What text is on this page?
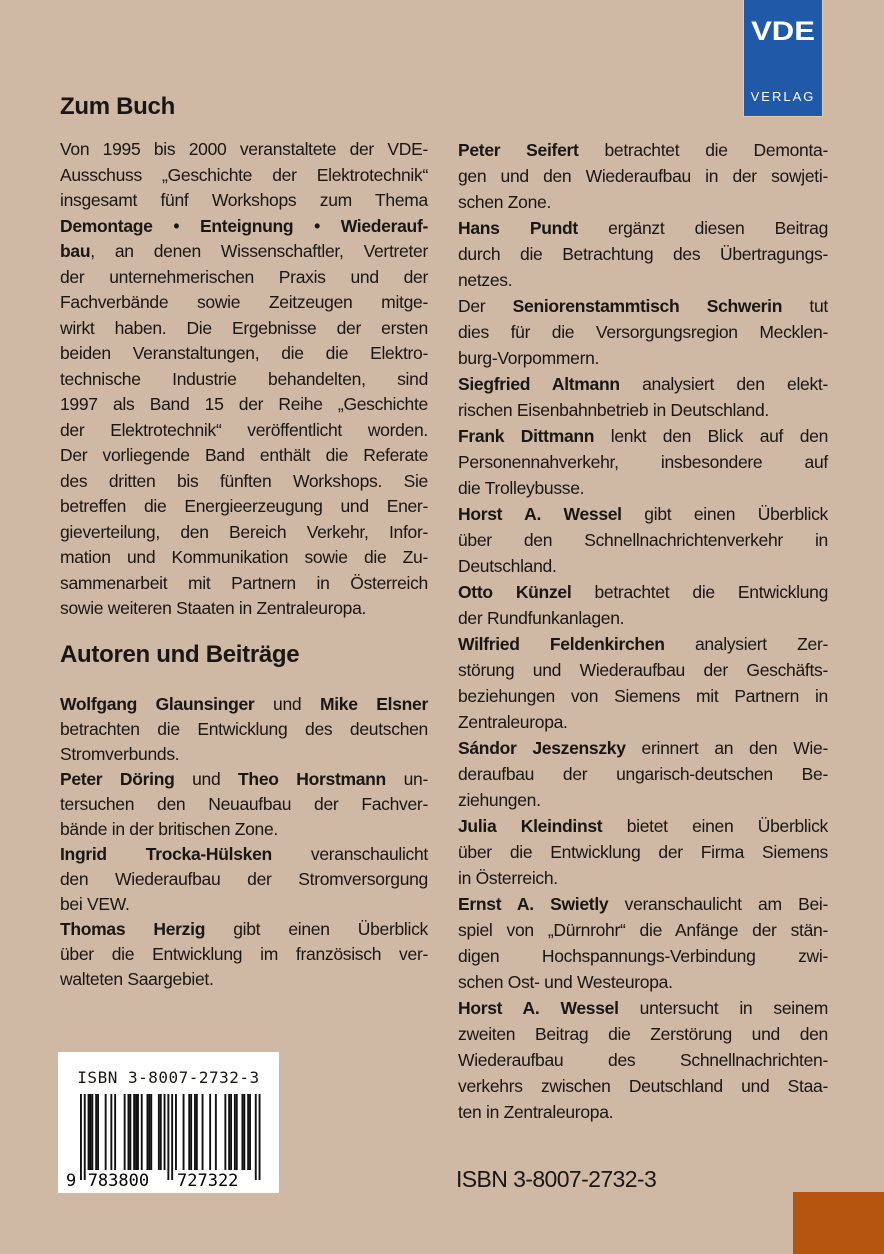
VDE
VERLAG
Zum Buch
Von 1995 bis 2000 veranstaltete der VDE-
Ausschuss „Geschichte der Elektrotechnik“
insgesamt fünf Workshops zum Thema
Demontage • Enteignung • Wiederauf-
bau, an denen Wissenschaftler, Vertreter
der unternehmerischen Praxis und der
Fachverbände sowie Zeitzeugen mitge-
wirkt haben. Die Ergebnisse der ersten
beiden Veranstaltungen, die die Elektro-
technische Industrie behandelten, sind
1997 als Band 15 der Reihe „Geschichte
der Elektrotechnik“ veröffentlicht worden.
Der vorliegende Band enthält die Referate
des dritten bis fünften Workshops. Sie
betreffen die Energieerzeugung und Ener-
gieverteilung, den Bereich Verkehr, Infor-
mation und Kommunikation sowie die Zu-
sammenarbeit mit Partnern in Österreich
sowie weiteren Staaten in Zentraleuropa.
Autoren und Beiträge
Wolfgang Glaunsinger und Mike Elsner
betrachten die Entwicklung des deutschen
Stromverbunds.
Peter Döring und Theo Horstmann un-
tersuchen den Neuaufbau der Fachver-
bände in der britischen Zone.
Ingrid Trocka-Hülsken veranschaulicht
den Wiederaufbau der Stromversorgung
bei VEW.
Thomas Herzig gibt einen Überblick
über die Entwicklung im französisch ver-
walteten Saargebiet.
Peter Seifert betrachtet die Demonta-
gen und den Wiederaufbau in der sowjeti-
schen Zone.
Hans Pundt ergänzt diesen Beitrag
durch die Betrachtung des Übertragungs-
netzes.
Der Seniorenstammtisch Schwerin tut
dies für die Versorgungsregion Mecklen-
burg-Vorpommern.
Siegfried Altmann analysiert den elekt-
rischen Eisenbahnbetrieb in Deutschland.
Frank Dittmann lenkt den Blick auf den
Personennahverkehr, insbesondere auf
die Trolleybusse.
Horst A. Wessel gibt einen Überblick
über den Schnellnachrichtenverkehr in
Deutschland.
Otto Künzel betrachtet die Entwicklung
der Rundfunkanlagen.
Wilfried Feldenkirchen analysiert Zer-
störung und Wiederaufbau der Geschäfts-
beziehungen von Siemens mit Partnern in
Zentraleuropa.
Sándor Jeszenszky erinnert an den Wie-
deraufbau der ungarisch-deutschen Be-
ziehungen.
Julia Kleindinst bietet einen Überblick
über die Entwicklung der Firma Siemens
in Österreich.
Ernst A. Swietly veranschaulicht am Bei-
spiel von „Dürnrohr“ die Anfänge der stän-
digen Hochspannungs-Verbindung zwi-
schen Ost- und Westeuropa.
Horst A. Wessel untersucht in seinem
zweiten Beitrag die Zerstörung und den
Wiederaufbau des Schnellnachrichten-
verkehrs zwischen Deutschland und Staa-
ten in Zentraleuropa.
ISBN 3-8007-2732-3
9 783800 727322	ISBN 3-8007-2732-3
